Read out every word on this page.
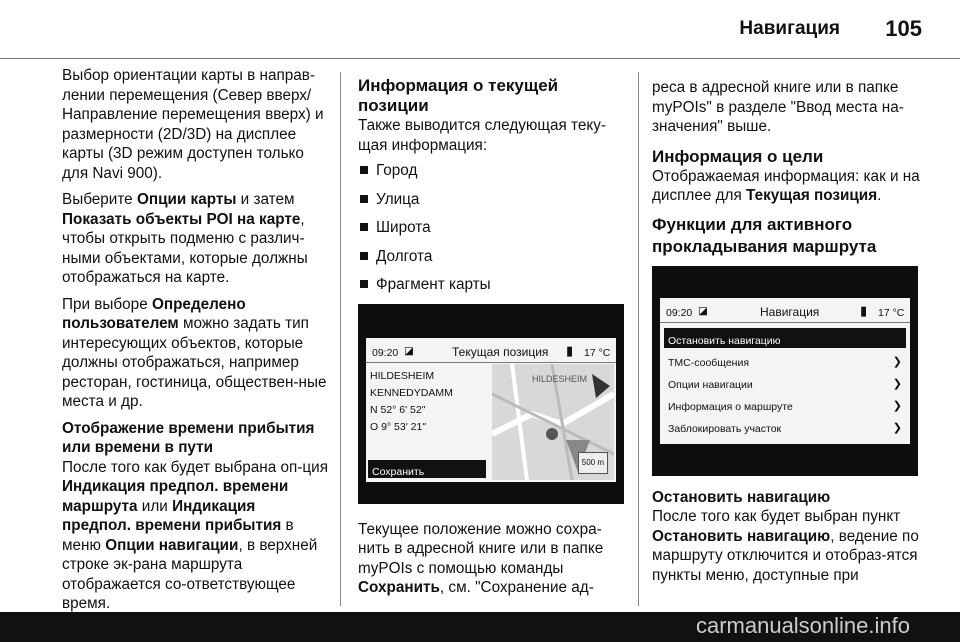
Навигация 105

Выбор ориентации карты в направ-лении перемещения (Север вверх/Направление перемещения вверх) и размерности (2D/3D) на дисплее карты (3D режим доступен только для Navi 900).

Выберите Опции карты и затем Показать объекты POI на карте, чтобы открыть подменю с различ-ными объектами, которые должны отображаться на карте.

При выборе Определено пользователем можно задать тип интересующих объектов, которые должны отображаться, например ресторан, гостиница, обществен-ные места и др.

Отображение времени прибытия или времени в пути

После того как будет выбрана оп-ция Индикация предпол. времени маршрута или Индикация предпол. времени прибытия в меню Опции навигации, в верхней строке эк-рана маршрута отображается со-ответствующее время.

Информация о текущей позиции

Также выводится следующая теку-щая информация:

Город
Улица
Широта
Долгота
Фрагмент карты
09:20 ◪	Текущая позиция ▮ 17 °C
HILDESHEIM
KENNEDYDAMM
N 52° 6' 52"
O 9° 53' 21"
HILDESHEIM
500 m
Сохранить

Текущее положение можно сохра-нить в адресной книге или в папке myPOIs с помощью команды Сохранить, см. "Сохранение ад-

реса в адресной книге или в папке myPOIs" в разделе "Ввод места на-значения" выше.

Информация о цели

Отображаемая информация: как и на дисплее для Текущая позиция.

Функции для активного прокладывания маршрута
09:20 ◪	Навигация	▮ 17 °C
Остановить навигацию
TMC-сообщения	❯
Опции навигации	❯
Информация о маршруте	❯
Заблокировать участок	❯
Остановить навигацию

После того как будет выбран пункт Остановить навигацию, ведение по маршруту отключится и отобраз-ятся пункты меню, доступные при

carmanualsonline.info
